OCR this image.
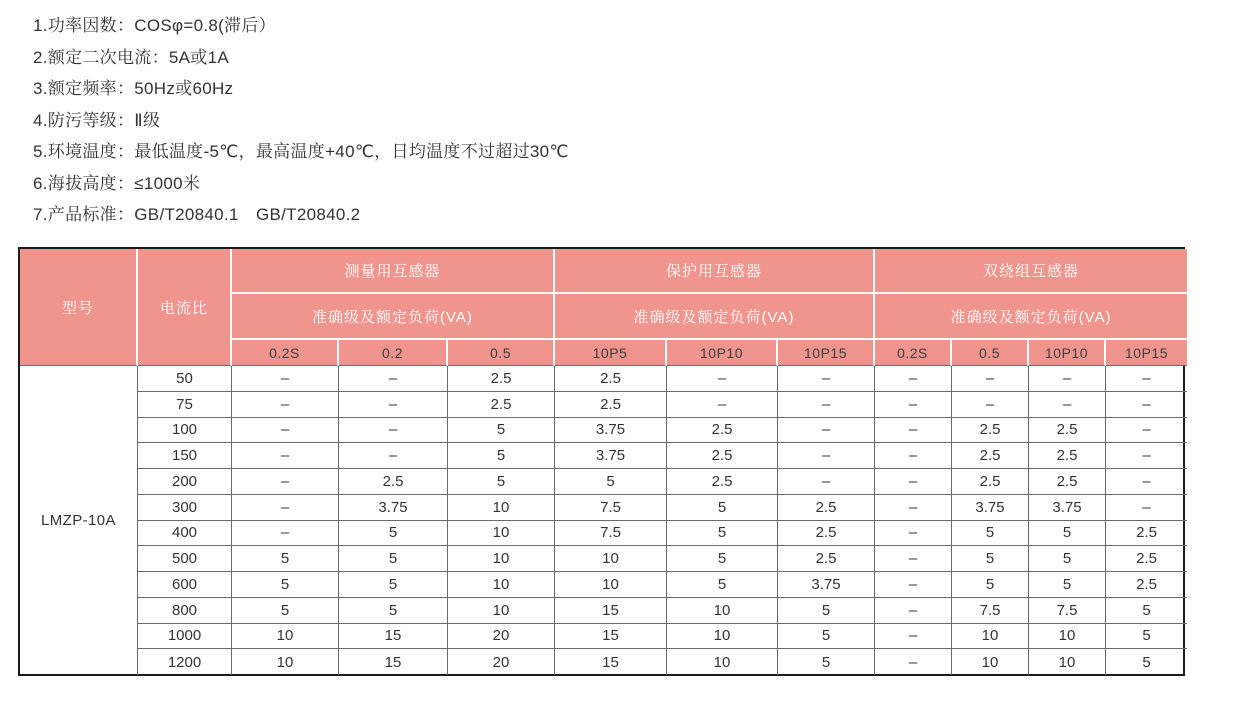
1.功率因数：COSφ=0.8(滞后）
2.额定二次电流：5A或1A
3.额定频率：50Hz或60Hz
4.防污等级：Ⅱ级
5.环境温度：最低温度-5℃，最高温度+40℃，日均温度不过超过30℃
6.海拔高度：≤1000米
7.产品标准：GB/T20840.1　GB/T20840.2
型号	电流比	测量用互感器			保护用互感器			双绕组互感器			
		准确级及额定负荷(VA)			准确级及额定负荷(VA)			准确级及额定负荷(VA)			
		0.2S	0.2	0.5	10P5	10P10	10P15	0.2S	0.5	10P10	10P15
LMZP-10A	50	–	–	2.5	2.5	–	–	–	–	–	–
	75	–	–	2.5	2.5	–	–	–	–	–	–
	100	–	–	5	3.75	2.5	–	–	2.5	2.5	–
	150	–	–	5	3.75	2.5	–	–	2.5	2.5	–
	200	–	2.5	5	5	2.5	–	–	2.5	2.5	–
	300	–	3.75	10	7.5	5	2.5	–	3.75	3.75	–
	400	–	5	10	7.5	5	2.5	–	5	5	2.5
	500	5	5	10	10	5	2.5	–	5	5	2.5
	600	5	5	10	10	5	3.75	–	5	5	2.5
	800	5	5	10	15	10	5	–	7.5	7.5	5
	1000	10	15	20	15	10	5	–	10	10	5
	1200	10	15	20	15	10	5	–	10	10	5
